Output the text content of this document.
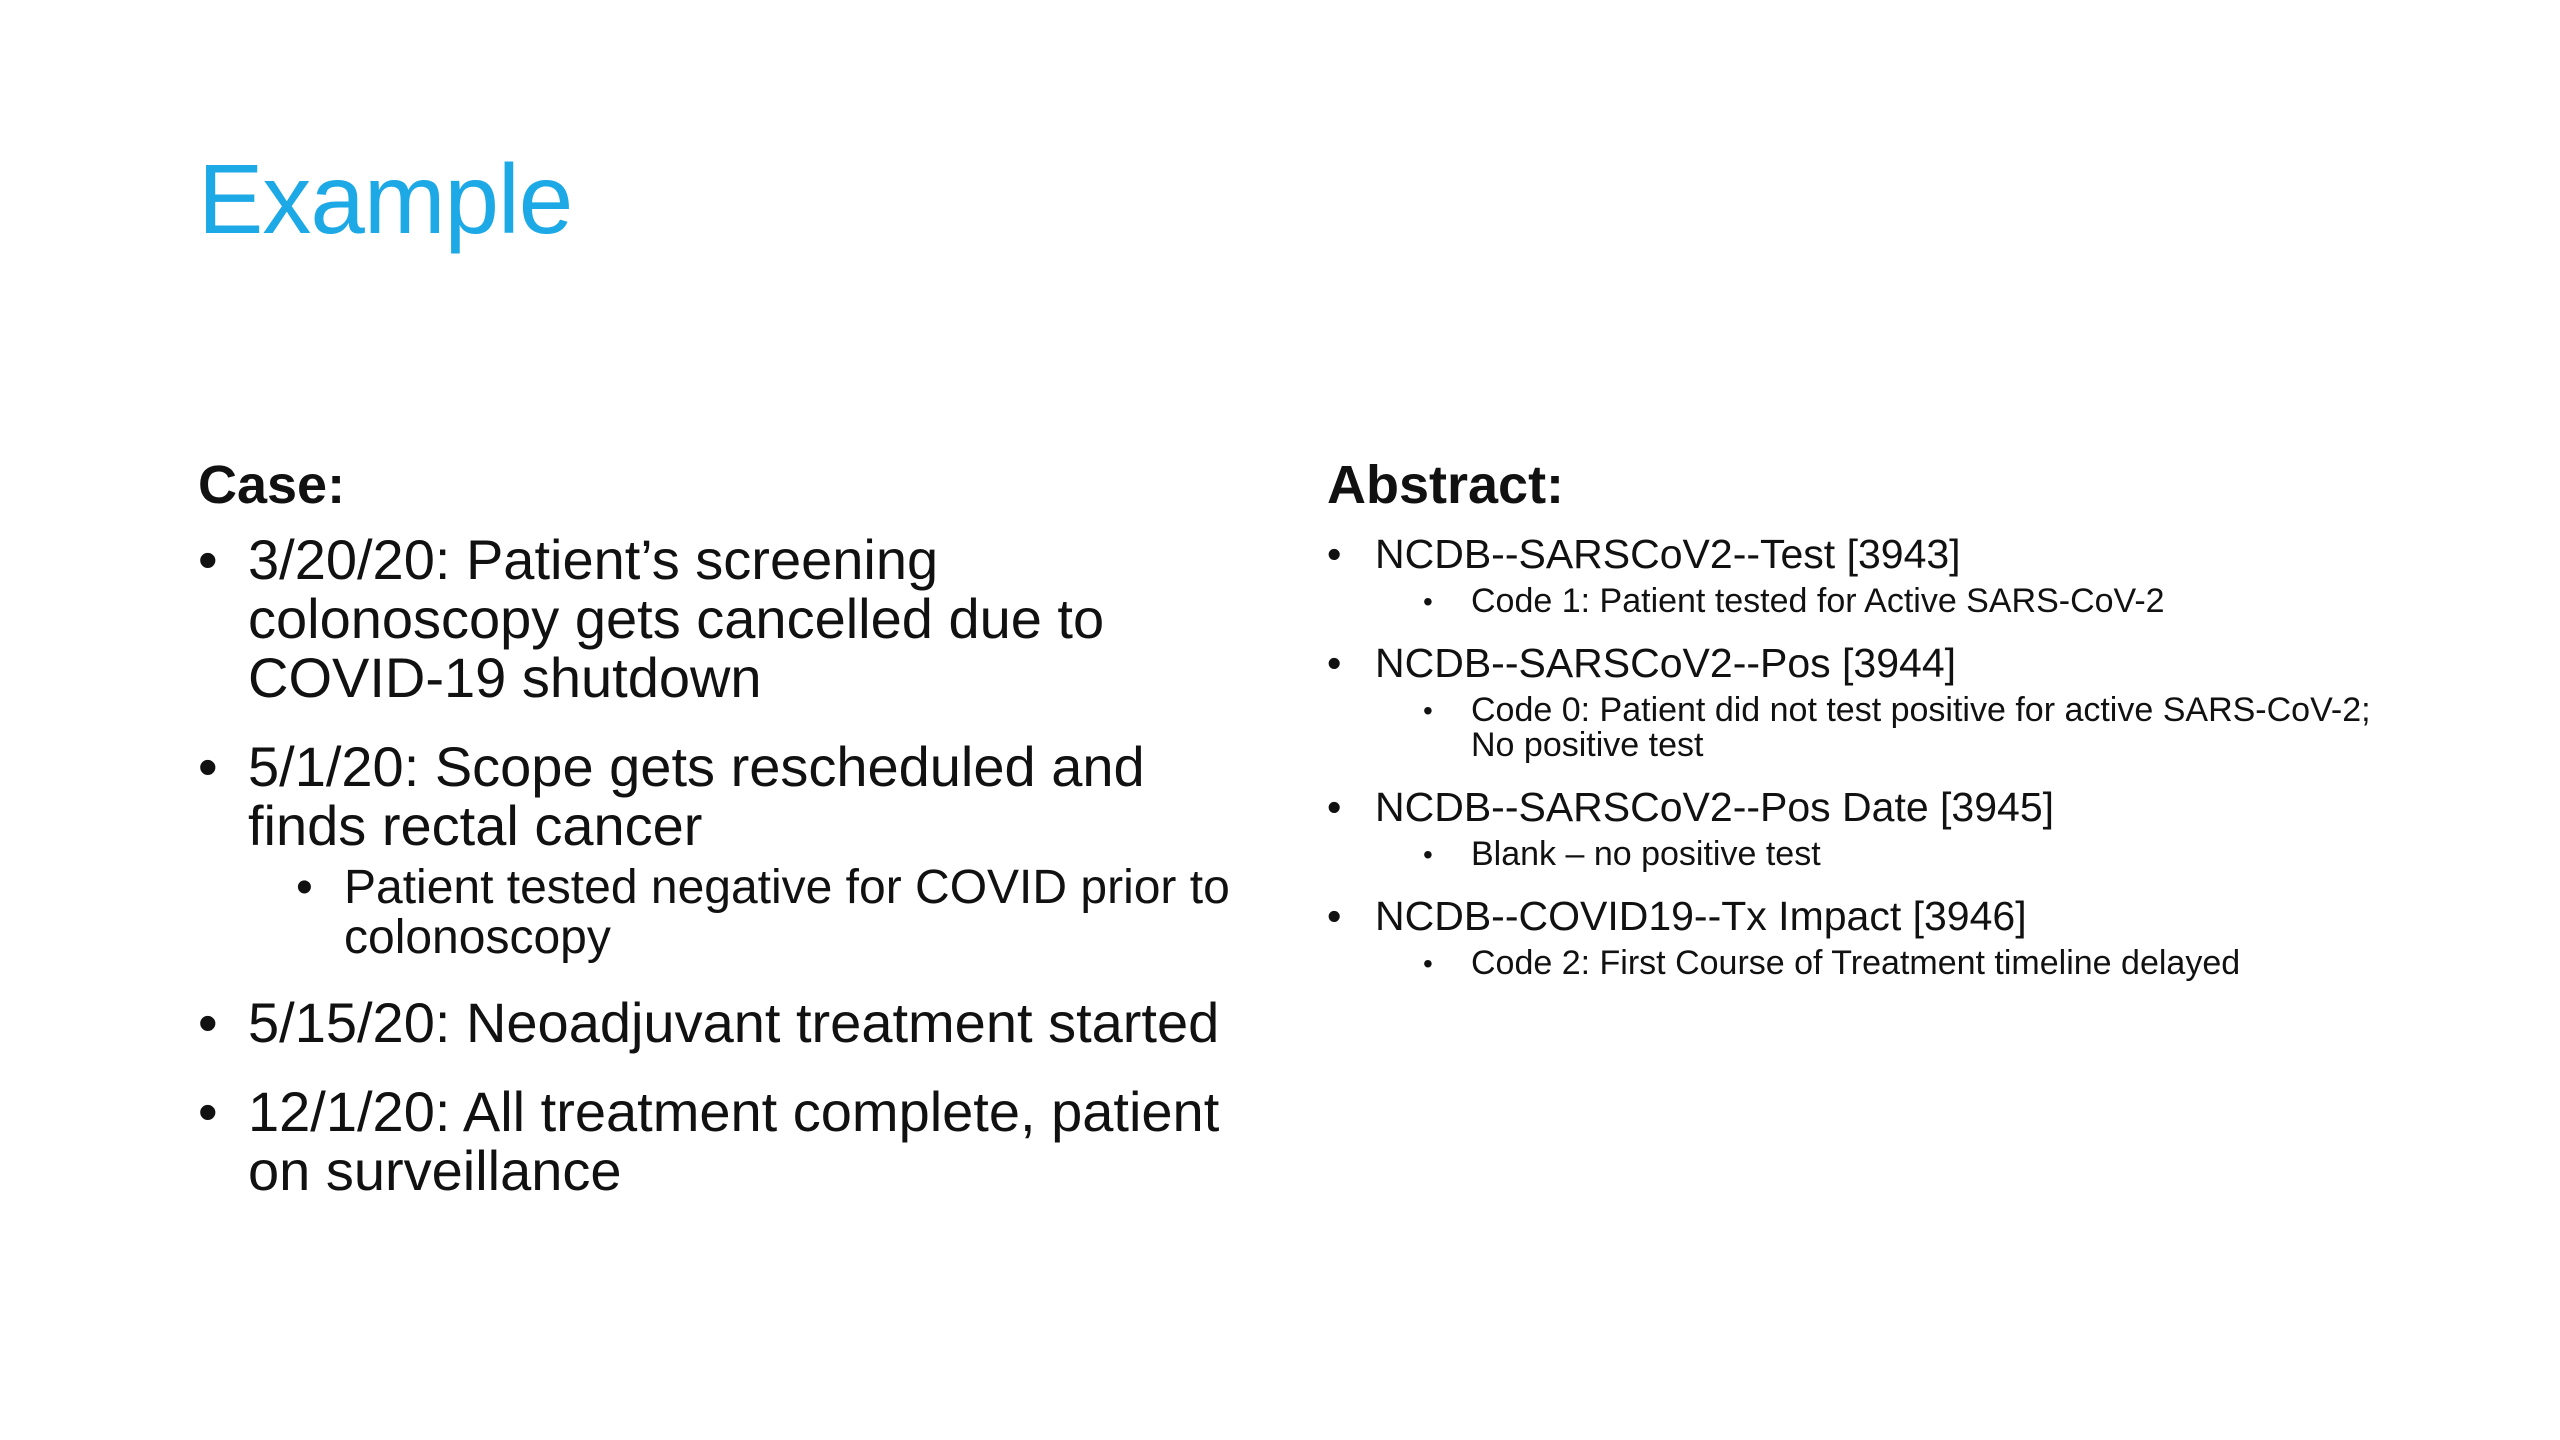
Example
Case:
• 3/20/20: Patient’s screening colonoscopy gets cancelled due to COVID-19 shutdown
• 5/1/20: Scope gets rescheduled and finds rectal cancer
• Patient tested negative for COVID prior to colonoscopy
• 5/15/20: Neoadjuvant treatment started
• 12/1/20: All treatment complete, patient on surveillance
Abstract:
• NCDB--SARSCoV2--Test [3943]
• Code 1: Patient tested for Active SARS-CoV-2
• NCDB--SARSCoV2--Pos [3944]
• Code 0: Patient did not test positive for active SARS-CoV-2; No positive test
• NCDB--SARSCoV2--Pos Date [3945]
• Blank – no positive test
• NCDB--COVID19--Tx Impact [3946]
• Code 2: First Course of Treatment timeline delayed
